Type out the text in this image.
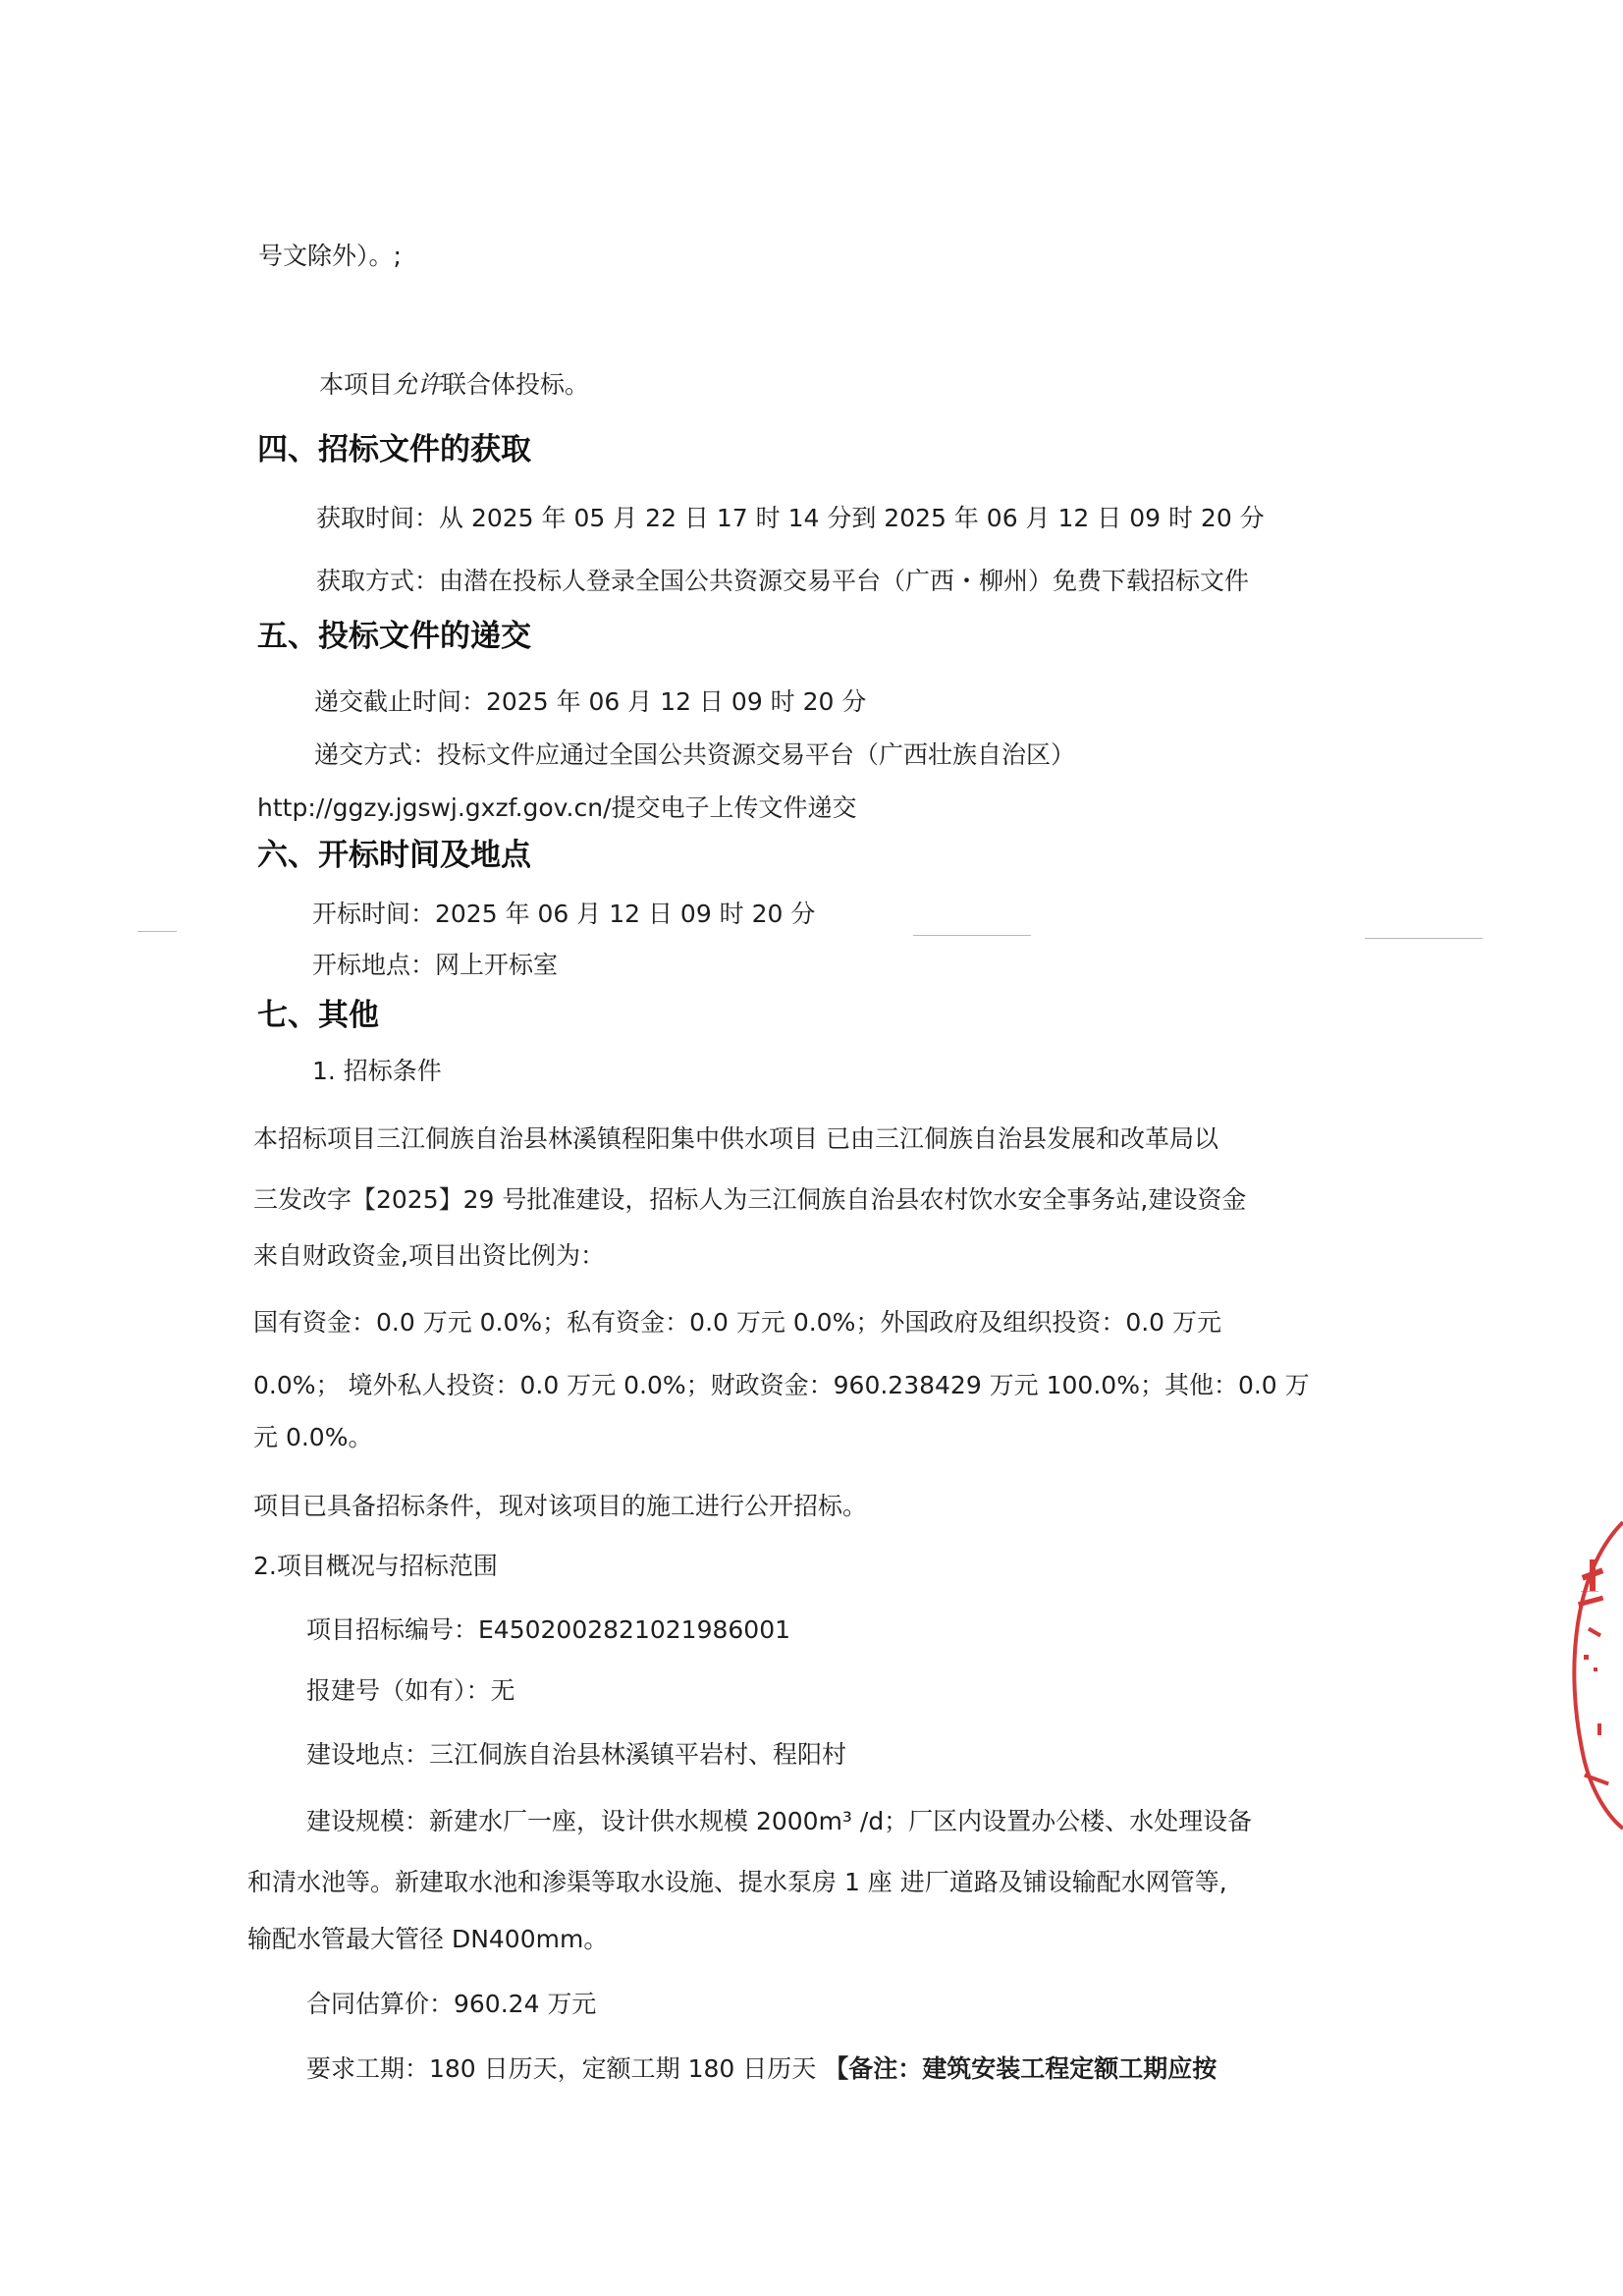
号文除外）。;
本项目允许联合体投标。
四、招标文件的获取
获取时间：从 2025 年 05 月 22 日 17 时 14 分到 2025 年 06 月 12 日 09 时 20 分
获取方式：由潜在投标人登录全国公共资源交易平台（广西・柳州）免费下载招标文件
五、投标文件的递交
递交截止时间：2025 年 06 月 12 日 09 时 20 分
递交方式：投标文件应通过全国公共资源交易平台（广西壮族自治区）
http://ggzy.jgswj.gxzf.gov.cn/提交电子上传文件递交
六、开标时间及地点
开标时间：2025 年 06 月 12 日 09 时 20 分
开标地点：网上开标室
七、其他
1. 招标条件
本招标项目三江侗族自治县林溪镇程阳集中供水项目 已由三江侗族自治县发展和改革局以
三发改字【2025】29 号批准建设，招标人为三江侗族自治县农村饮水安全事务站,建设资金
来自财政资金,项目出资比例为：
国有资金：0.0 万元 0.0%；私有资金：0.0 万元 0.0%；外国政府及组织投资：0.0 万元
0.0%； 境外私人投资：0.0 万元 0.0%；财政资金：960.238429 万元 100.0%；其他：0.0 万
元 0.0%。
项目已具备招标条件，现对该项目的施工进行公开招标。
2.项目概况与招标范围
项目招标编号：E4502002821021986001
报建号（如有）：无
建设地点：三江侗族自治县林溪镇平岩村、程阳村
建设规模：新建水厂一座，设计供水规模 2000m³ /d；厂区内设置办公楼、水处理设备
和清水池等。新建取水池和渗渠等取水设施、提水泵房 1 座 进厂道路及铺设输配水网管等,
输配水管最大管径 DN400mm。
合同估算价：960.24 万元
要求工期：180 日历天，定额工期 180 日历天 【备注：建筑安装工程定额工期应按
